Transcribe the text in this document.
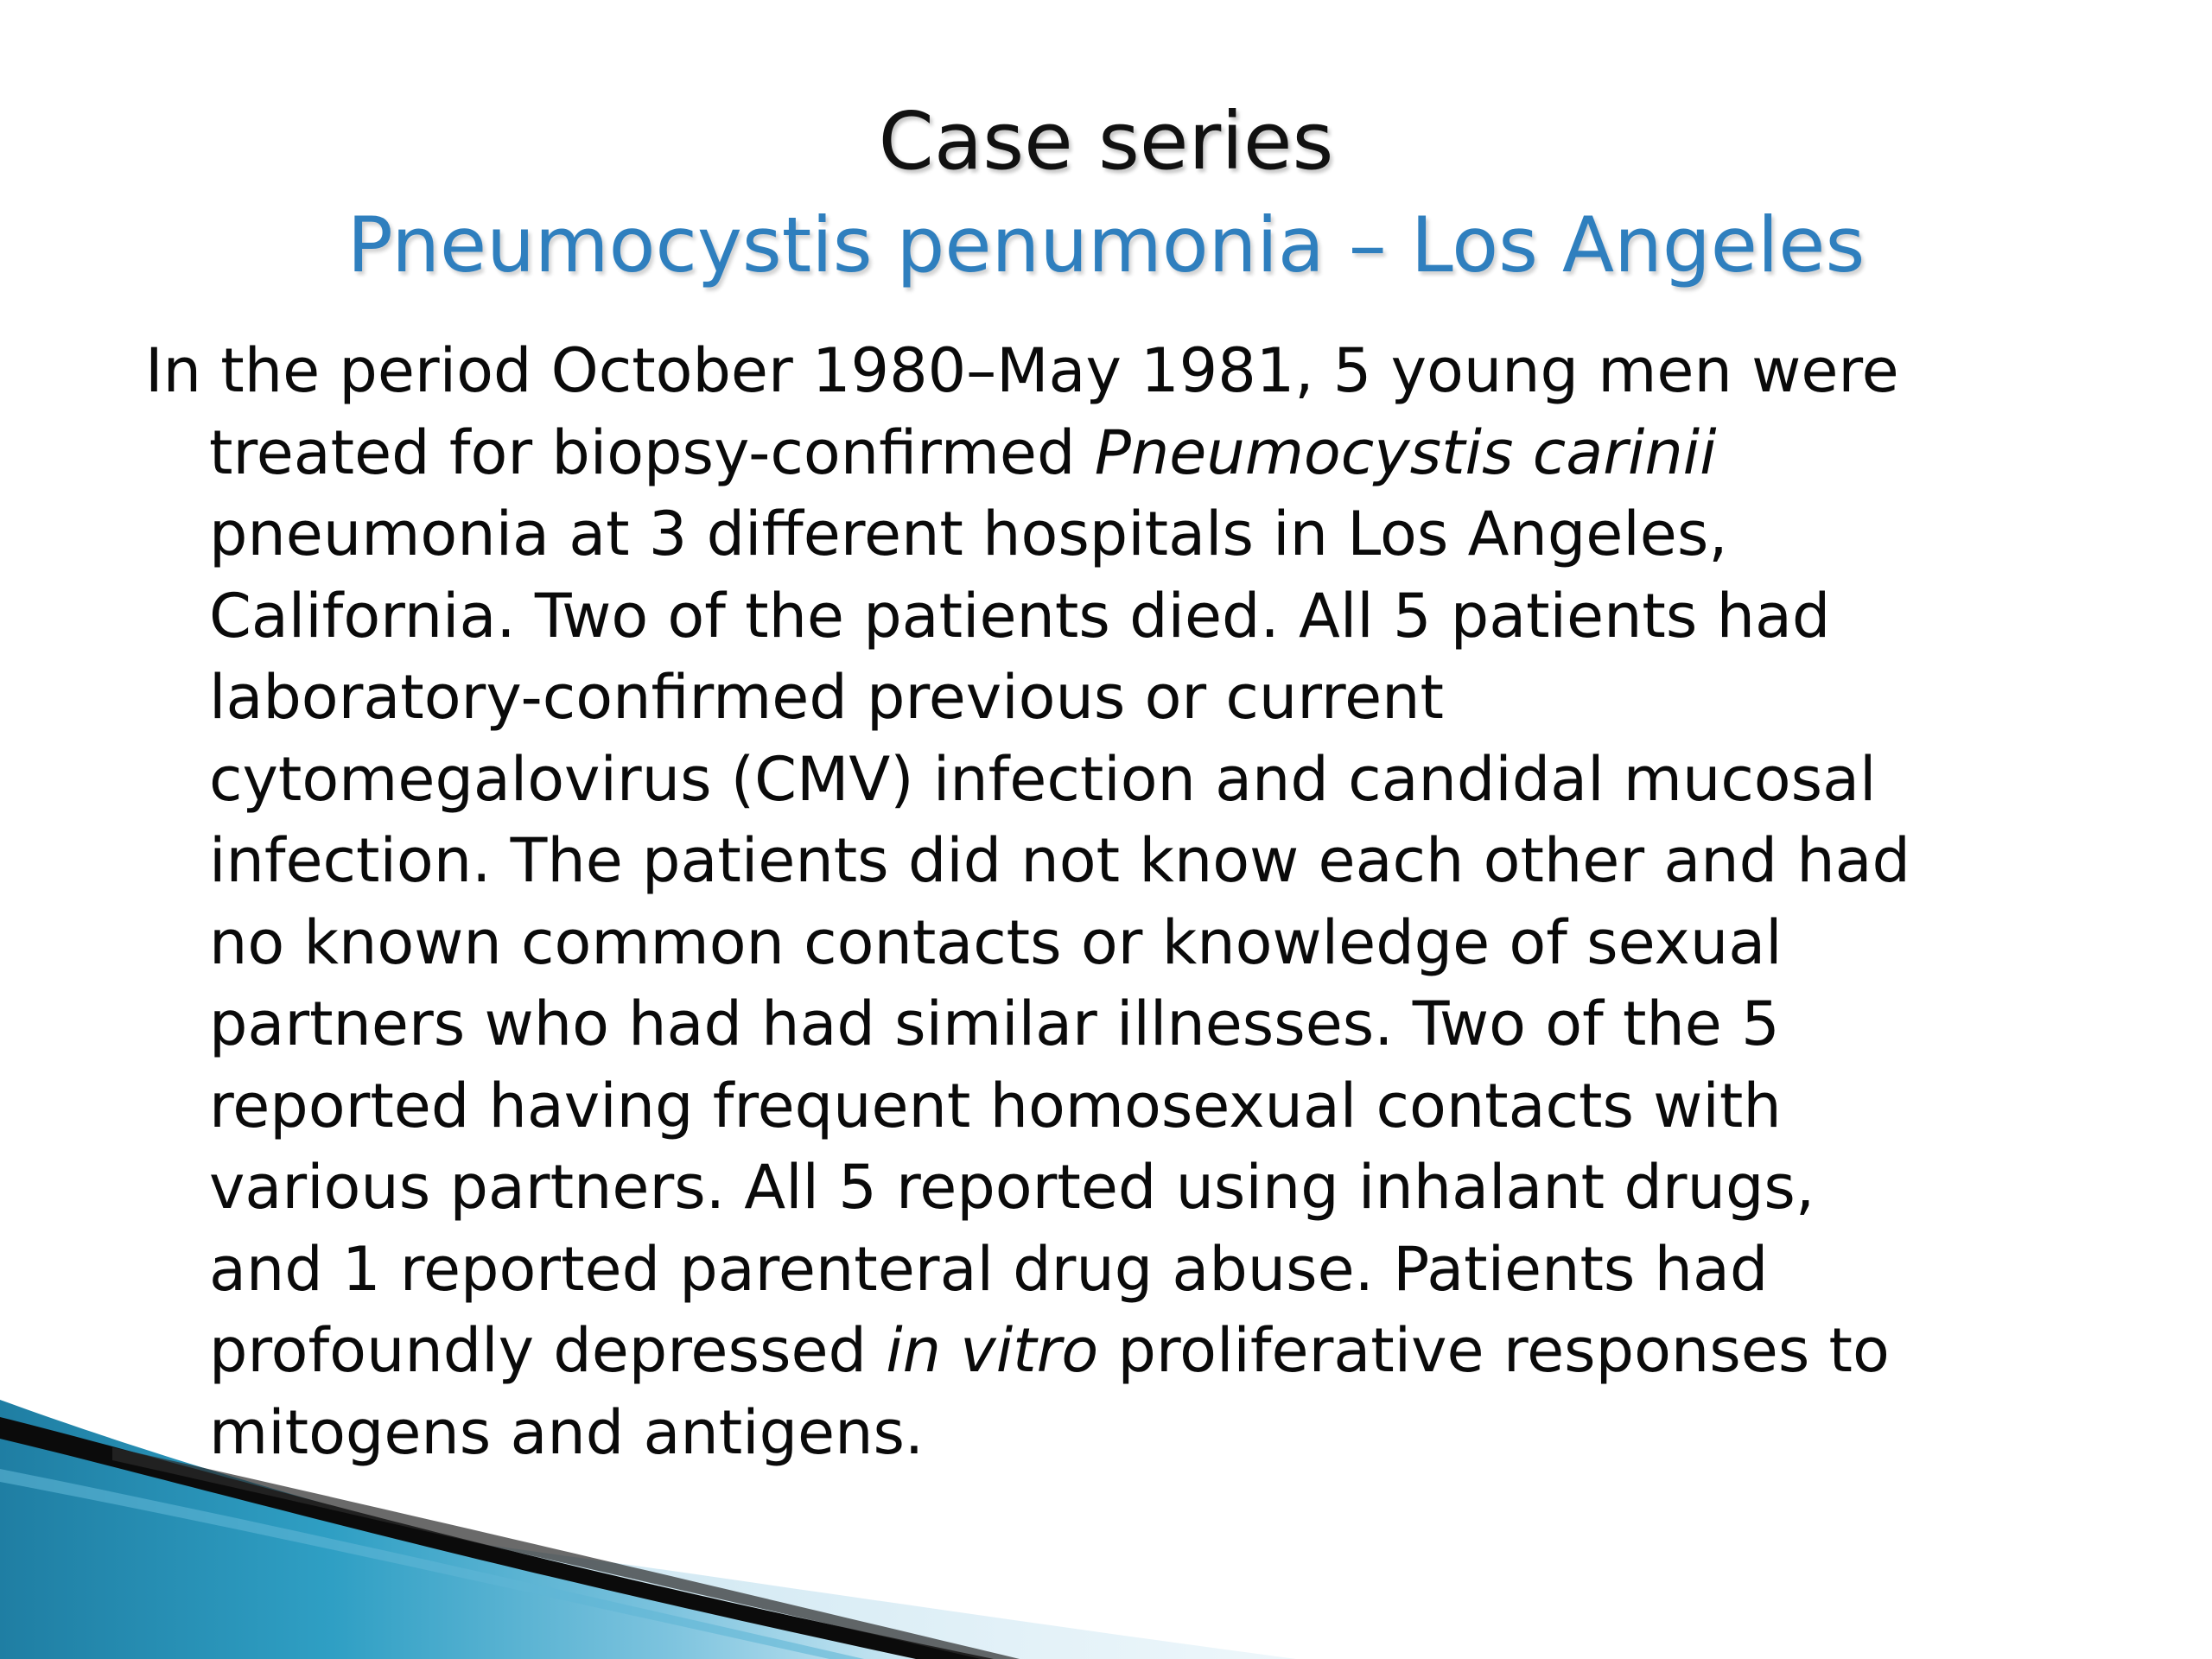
Case series
Pneumocystis penumonia – Los Angeles
In the period October 1980–May 1981, 5 young men were
treated for biopsy-confirmed Pneumocystis carinii
pneumonia at 3 different hospitals in Los Angeles,
California. Two of the patients died. All 5 patients had
laboratory-confirmed previous or current
cytomegalovirus (CMV) infection and candidal mucosal
infection. The patients did not know each other and had
no known common contacts or knowledge of sexual
partners who had had similar illnesses. Two of the 5
reported having frequent homosexual contacts with
various partners. All 5 reported using inhalant drugs,
and 1 reported parenteral drug abuse. Patients had
profoundly depressed in vitro proliferative responses to
mitogens and antigens.
